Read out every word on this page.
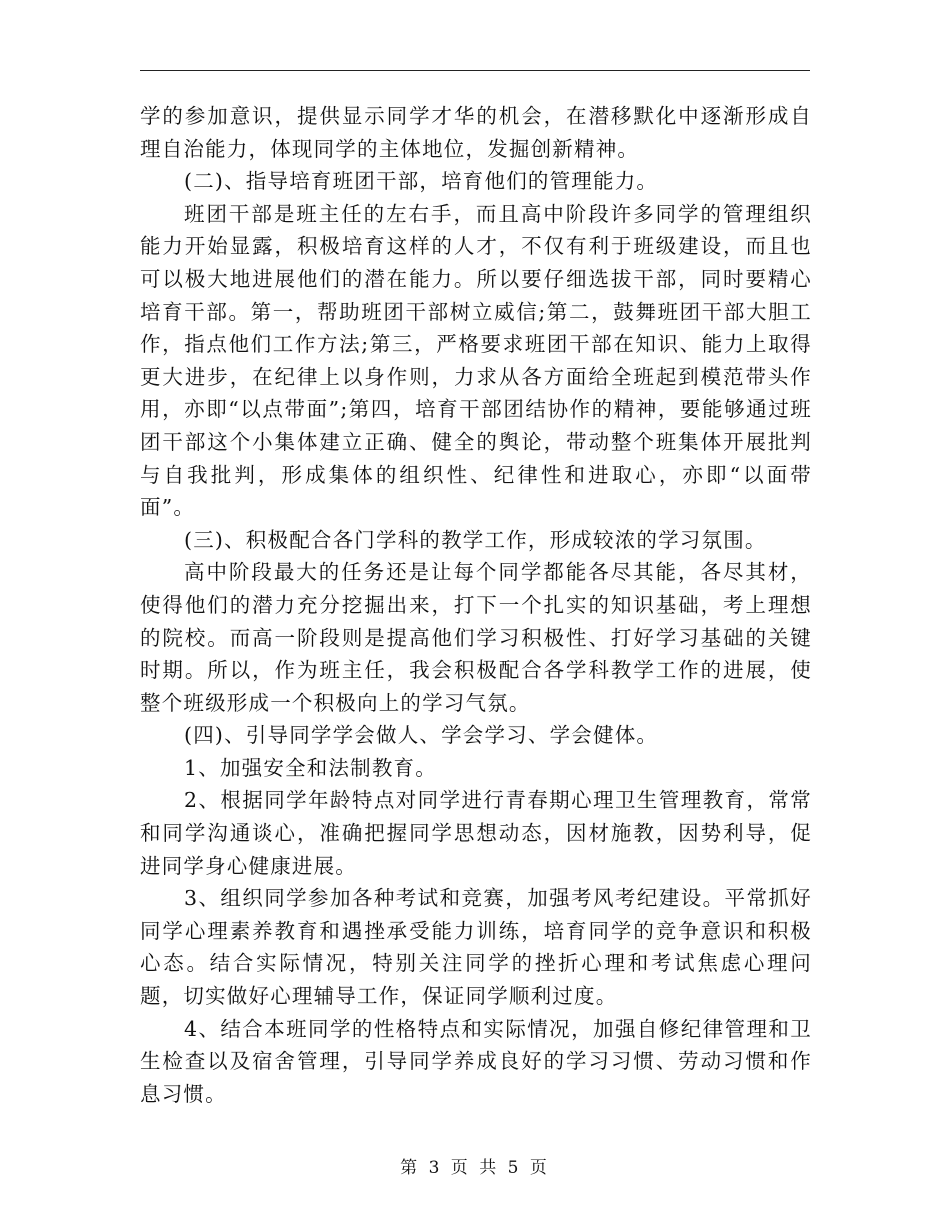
学的参加意识，提供显示同学才华的机会，在潜移默化中逐渐形成自理自治能力，体现同学的主体地位，发掘创新精神。

(二)、指导培育班团干部，培育他们的管理能力。

班团干部是班主任的左右手，而且高中阶段许多同学的管理组织能力开始显露，积极培育这样的人才，不仅有利于班级建设，而且也可以极大地进展他们的潜在能力。所以要仔细选拔干部，同时要精心培育干部。第一，帮助班团干部树立威信;第二，鼓舞班团干部大胆工作，指点他们工作方法;第三，严格要求班团干部在知识、能力上取得更大进步，在纪律上以身作则，力求从各方面给全班起到模范带头作用，亦即“以点带面”;第四，培育干部团结协作的精神，要能够通过班团干部这个小集体建立正确、健全的舆论，带动整个班集体开展批判与自我批判，形成集体的组织性、纪律性和进取心，亦即“以面带面”。

(三)、积极配合各门学科的教学工作，形成较浓的学习氛围。

高中阶段最大的任务还是让每个同学都能各尽其能，各尽其材，使得他们的潜力充分挖掘出来，打下一个扎实的知识基础，考上理想的院校。而高一阶段则是提高他们学习积极性、打好学习基础的关键时期。所以，作为班主任，我会积极配合各学科教学工作的进展，使整个班级形成一个积极向上的学习气氛。

(四)、引导同学学会做人、学会学习、学会健体。

1、加强安全和法制教育。

2、根据同学年龄特点对同学进行青春期心理卫生管理教育，常常和同学沟通谈心，准确把握同学思想动态，因材施教，因势利导，促进同学身心健康进展。

3、组织同学参加各种考试和竞赛，加强考风考纪建设。平常抓好同学心理素养教育和遇挫承受能力训练，培育同学的竞争意识和积极心态。结合实际情况，特别关注同学的挫折心理和考试焦虑心理问题，切实做好心理辅导工作，保证同学顺利过度。

4、结合本班同学的性格特点和实际情况，加强自修纪律管理和卫生检查以及宿舍管理，引导同学养成良好的学习习惯、劳动习惯和作息习惯。

第 3 页 共 5 页
